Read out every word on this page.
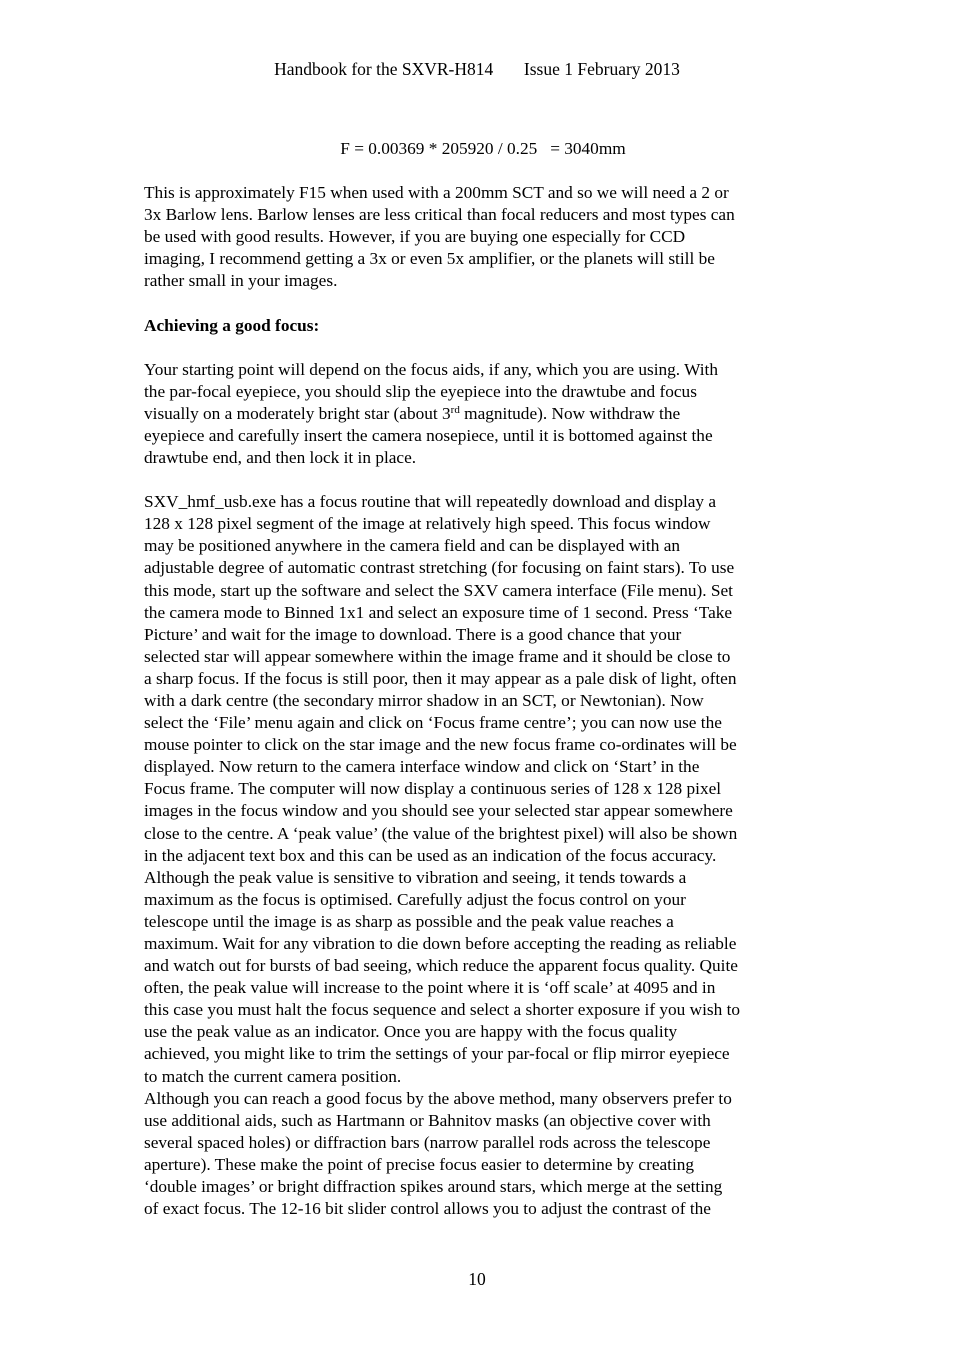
Handbook for the SXVR-H814       Issue 1 February 2013
F = 0.00369 * 205920 / 0.25   = 3040mm
This is approximately F15 when used with a 200mm SCT and so we will need a 2 or
3x Barlow lens. Barlow lenses are less critical than focal reducers and most types can
be used with good results. However, if you are buying one especially for CCD
imaging, I recommend getting a 3x or even 5x amplifier, or the planets will still be
rather small in your images.
Achieving a good focus:
Your starting point will depend on the focus aids, if any, which you are using. With
the par-focal eyepiece, you should slip the eyepiece into the drawtube and focus
visually on a moderately bright star (about 3rd magnitude). Now withdraw the
eyepiece and carefully insert the camera nosepiece, until it is bottomed against the
drawtube end, and then lock it in place.
SXV_hmf_usb.exe has a focus routine that will repeatedly download and display a
128 x 128 pixel segment of the image at relatively high speed. This focus window
may be positioned anywhere in the camera field and can be displayed with an
adjustable degree of automatic contrast stretching (for focusing on faint stars). To use
this mode, start up the software and select the SXV camera interface (File menu). Set
the camera mode to Binned 1x1 and select an exposure time of 1 second. Press ‘Take
Picture’ and wait for the image to download. There is a good chance that your
selected star will appear somewhere within the image frame and it should be close to
a sharp focus. If the focus is still poor, then it may appear as a pale disk of light, often
with a dark centre (the secondary mirror shadow in an SCT, or Newtonian). Now
select the ‘File’ menu again and click on ‘Focus frame centre’; you can now use the
mouse pointer to click on the star image and the new focus frame co-ordinates will be
displayed. Now return to the camera interface window and click on ‘Start’ in the
Focus frame. The computer will now display a continuous series of 128 x 128 pixel
images in the focus window and you should see your selected star appear somewhere
close to the centre. A ‘peak value’ (the value of the brightest pixel) will also be shown
in the adjacent text box and this can be used as an indication of the focus accuracy.
Although the peak value is sensitive to vibration and seeing, it tends towards a
maximum as the focus is optimised. Carefully adjust the focus control on your
telescope until the image is as sharp as possible and the peak value reaches a
maximum. Wait for any vibration to die down before accepting the reading as reliable
and watch out for bursts of bad seeing, which reduce the apparent focus quality. Quite
often, the peak value will increase to the point where it is ‘off scale’ at 4095 and in
this case you must halt the focus sequence and select a shorter exposure if you wish to
use the peak value as an indicator. Once you are happy with the focus quality
achieved, you might like to trim the settings of your par-focal or flip mirror eyepiece
to match the current camera position.
Although you can reach a good focus by the above method, many observers prefer to
use additional aids, such as Hartmann or Bahnitov masks (an objective cover with
several spaced holes) or diffraction bars (narrow parallel rods across the telescope
aperture). These make the point of precise focus easier to determine by creating
‘double images’ or bright diffraction spikes around stars, which merge at the setting
of exact focus. The 12-16 bit slider control allows you to adjust the contrast of the
10
